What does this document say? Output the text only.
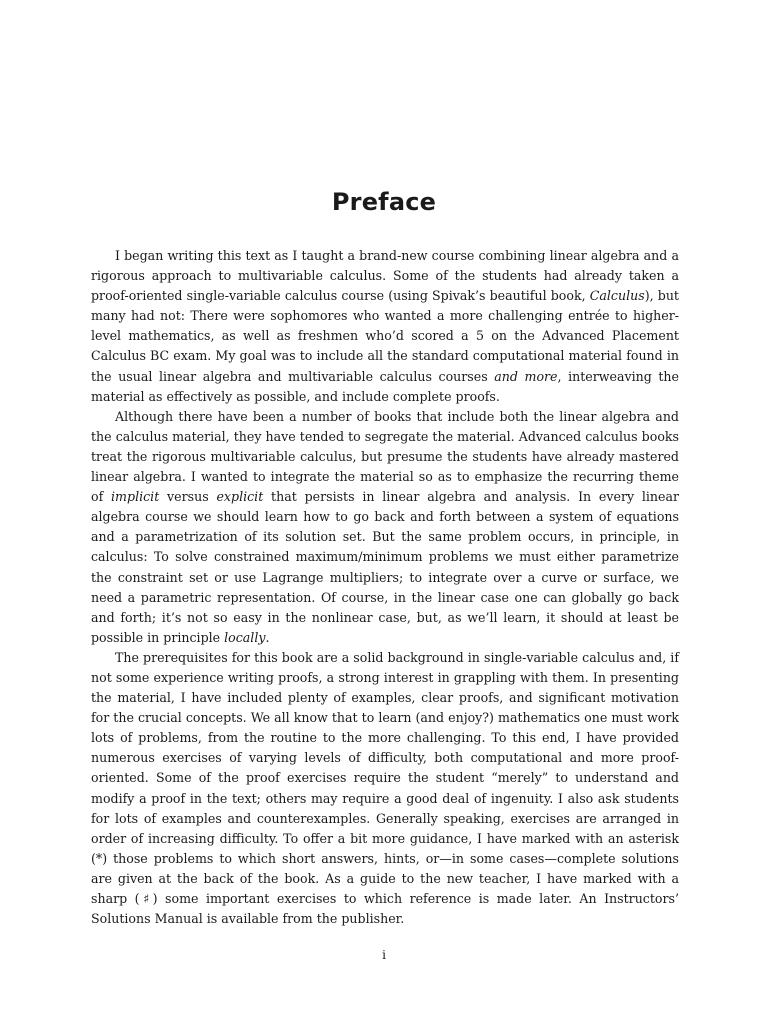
Preface

I began writing this text as I taught a brand-new course combining linear algebra and a rigorous approach to multivariable calculus. Some of the students had already taken a proof-oriented single-variable calculus course (using Spivak’s beautiful book, Calculus), but many had not: There were sophomores who wanted a more challenging entrée to higher-level mathematics, as well as freshmen who’d scored a 5 on the Advanced Placement Calculus BC exam. My goal was to include all the standard computational material found in the usual linear algebra and multivariable calculus courses and more, interweaving the material as effectively as possible, and include complete proofs.

Although there have been a number of books that include both the linear algebra and the calculus material, they have tended to segregate the material. Advanced calculus books treat the rigorous multivariable calculus, but presume the students have already mastered linear algebra. I wanted to integrate the material so as to emphasize the recurring theme of implicit versus explicit that persists in linear algebra and analysis. In every linear algebra course we should learn how to go back and forth between a system of equations and a parametrization of its solution set. But the same problem occurs, in principle, in calculus: To solve constrained maximum/minimum problems we must either parametrize the constraint set or use Lagrange multipliers; to integrate over a curve or surface, we need a parametric representation. Of course, in the linear case one can globally go back and forth; it’s not so easy in the nonlinear case, but, as we’ll learn, it should at least be possible in principle locally.

The prerequisites for this book are a solid background in single-variable calculus and, if not some experience writing proofs, a strong interest in grappling with them. In presenting the material, I have included plenty of examples, clear proofs, and significant motivation for the crucial concepts. We all know that to learn (and enjoy?) mathematics one must work lots of problems, from the routine to the more challenging. To this end, I have provided numerous exercises of varying levels of difficulty, both computational and more proof-oriented. Some of the proof exercises require the student “merely” to understand and modify a proof in the text; others may require a good deal of ingenuity. I also ask students for lots of examples and counterexamples. Generally speaking, exercises are arranged in order of increasing difficulty. To offer a bit more guidance, I have marked with an asterisk (*) those problems to which short answers, hints, or—in some cases—complete solutions are given at the back of the book. As a guide to the new teacher, I have marked with a sharp (♯) some important exercises to which reference is made later. An Instructors’ Solutions Manual is available from the publisher.

i
